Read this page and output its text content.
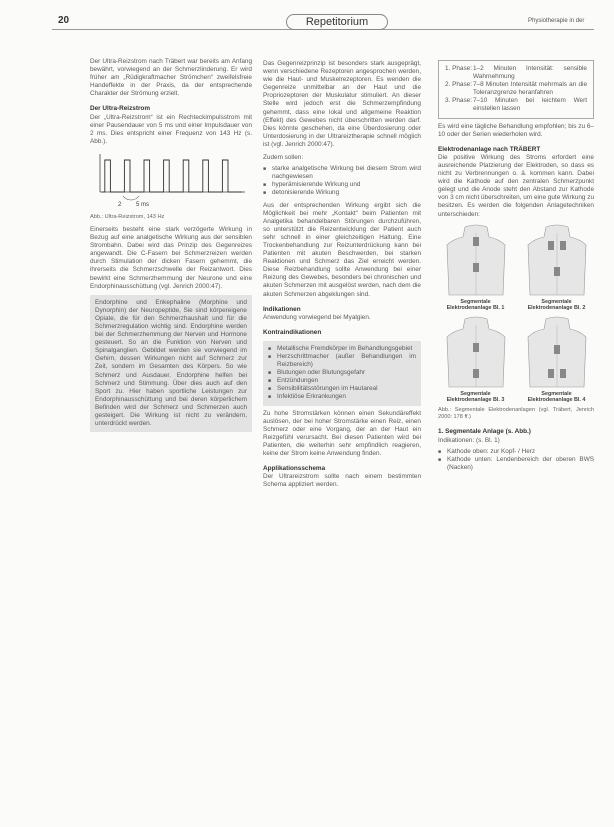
20	Repetitorium	Physiotherapie in der

Der Ultra-Reizstrom nach Träbert war bereits am Anfang bewährt, vorwiegend an der Schmerzlinderung. Er wird früher am „Rüdigkraftmacher Strömchen“ zweifelsfreie Handeffekte in der Praxis, da der entsprechende Charakter der Strömung erzielt.

Der Ultra-Reizstrom

Der „Ultra-Reizstrom“ ist ein Rechteckimpulsstrom mit einer Pausendauer von 5 ms und einer Impulsdauer von 2 ms. Dies entspricht einer Frequenz von 143 Hz (s. Abb.).

2 5 ms
Abb.: Ultra-Reizstrom, 143 Hz

Einerseits besteht eine stark verzögerte Wirkung in Bezug auf eine analgetische Wirkung aus der sensiblen Strombahn. Dabei wird das Prinzip des Gegenreizes angewandt. Die C-Fasern bei Schmerzreizen werden durch Stimulation der dicken Fasern gehemmt, die ihrerseits die Schmerzschwelle der Reizantwort. Dies bewirkt eine Schmerzhemmung der Neurone und eine Endorphinausschüttung (vgl. Jenrich 2000:47).

Endorphine und Enkephaline (Morphine und Dynorphin) der Neuropeptide, Sie sind körpereigene Opiate, die für den Schmerzhaushalt und für die Schmerzregulation wichtig sind. Endorphine werden bei der Schmerzhemmung der Nerven und Hormone gesteuert. So an die Funktion von Nerven und Spinalganglien. Gebildet werden sie vorwiegend im Gehirn, dessen Wirkungen nicht auf Schmerz zur Zeit, sondern im Gesamten des Körpers. So wie Schmerz und Ausdauer. Endorphine helfen bei Schmerz und Stimmung. Über dies auch auf den Sport zu. Hier haben sportliche Leistungen zur Endorphinausschüttung und bei deren körperlichem Befinden wird der Schmerz und Schmerzen auch gesteigert. Die Wirkung ist nicht zu verändern, unterdrückt werden.

Das Gegenreizprinzip ist besonders stark ausgeprägt, wenn verschiedene Rezeptoren angesprochen werden, wie die Haut- und Muskelrezeptoren. Es wenden die Gegenreize unmittelbar an der Haut und die Propriozeptoren der Muskulatur stimuliert. An dieser Stelle wird jedoch erst die Schmerzempfindung gehemmt, dass eine lokal und allgemeine Reaktion (Effekt) des Gewebes nicht überschritten werden darf. Dies könnte geschehen, da eine Überdosierung oder Unterdosierung in der Ultrareiztherapie schnell möglich ist (vgl. Jenrich 2000:47).

Zudem sollen:

■ starke analgetische Wirkung bei diesem Strom wird nachgewiesen
■ hyperämisierende Wirkung und
■ detonisierende Wirkung

Aus der entsprechenden Wirkung ergibt sich die Möglichkeit bei mehr „Kontakt“ beim Patienten mit Analgetika behandelbaren Störungen durchzuführen, so unterstützt die Reizentwicklung der Patient auch sehr schnell in einer gleichzeitigen Haltung. Eine Trockenbehandlung zur Reizunterdrückung kann bei Patienten mit akuten Beschwerden, bei starken Reaktionen und Schmerz das Ziel erreicht werden. Diese Reizbehandlung sollte Anwendung bei einer Reizung des Gewebes, besonders bei chronischen und akuten Schmerzen mit ausgelöst werden, nach dem die akuten Schmerzen abgeklungen sind.

Indikationen

Anwendung vorwiegend bei Myalgien.

Kontraindikationen
■ Metallische Fremdkörper im Behandlungsgebiet
■ Herzschrittmacher (außer Behandlungen im Reizbereich)
■ Blutungen oder Blutungsgefahr
■ Entzündungen
■ Sensibilitätsstörungen im Hautareal
■ Infektiöse Erkrankungen

Zu hohe Stromstärken können einen Sekundäreffekt auslösen, der bei hoher Stromstärke einen Reiz, einen Schmerz oder eine Vorgang, der an der Haut ein Reizgefühl verursacht. Bei diesen Patienten wird bei Patienten, die weiterhin sehr empfindlich reagieren, keine der Strom keine Anwendung finden.

Applikationsschema

Der Ultrareizstrom sollte nach einem bestimmten Schema appliziert werden.

1. Phase: 1–2 Minuten Intensität: sensible Wahrnehmung
2. Phase: 7–8 Minuten Intensität mehrmals an die Toleranzgrenze heranfahren
3. Phase: 7–10 Minuten bei leichtem Wert einstellen lassen

Es wird eine tägliche Behandlung empfohlen; bis zu 6–10 oder der Serien wiederholen wird.

Elektrodenanlage nach TRÄBERT

Die positive Wirkung des Stroms erfordert eine ausreichende Platzierung der Elektroden, so dass es nicht zu Verbrennungen o. ä. kommen kann. Dabei wird die Kathode auf den zentralen Schmerzpunkt gelegt und die Anode steht den Abstand zur Kathode von 3 cm nicht überschreiten, um eine gute Wirkung zu besitzen. Es werden die folgenden Anlagetechniken unterschieden:

Segmentale
Elektrodenanlage Bl. 1
Segmentale
Elektrodenanlage Bl. 2
Segmentale
Elektrodenanlage Bl. 3
Segmentale
Elektrodenanlage Bl. 4
Abb.: Segmentale Elektrodenanlagen (vgl. Träbert, Jenrich 2000: 178 ff.)
1. Segmentale Anlage (s. Abb.)

Indikationen: (s. Bl. 1)

■ Kathode oben: zur Kopf- / Herz
■ Kathode unten: Lendenbereich der oberen BWS (Nacken)
